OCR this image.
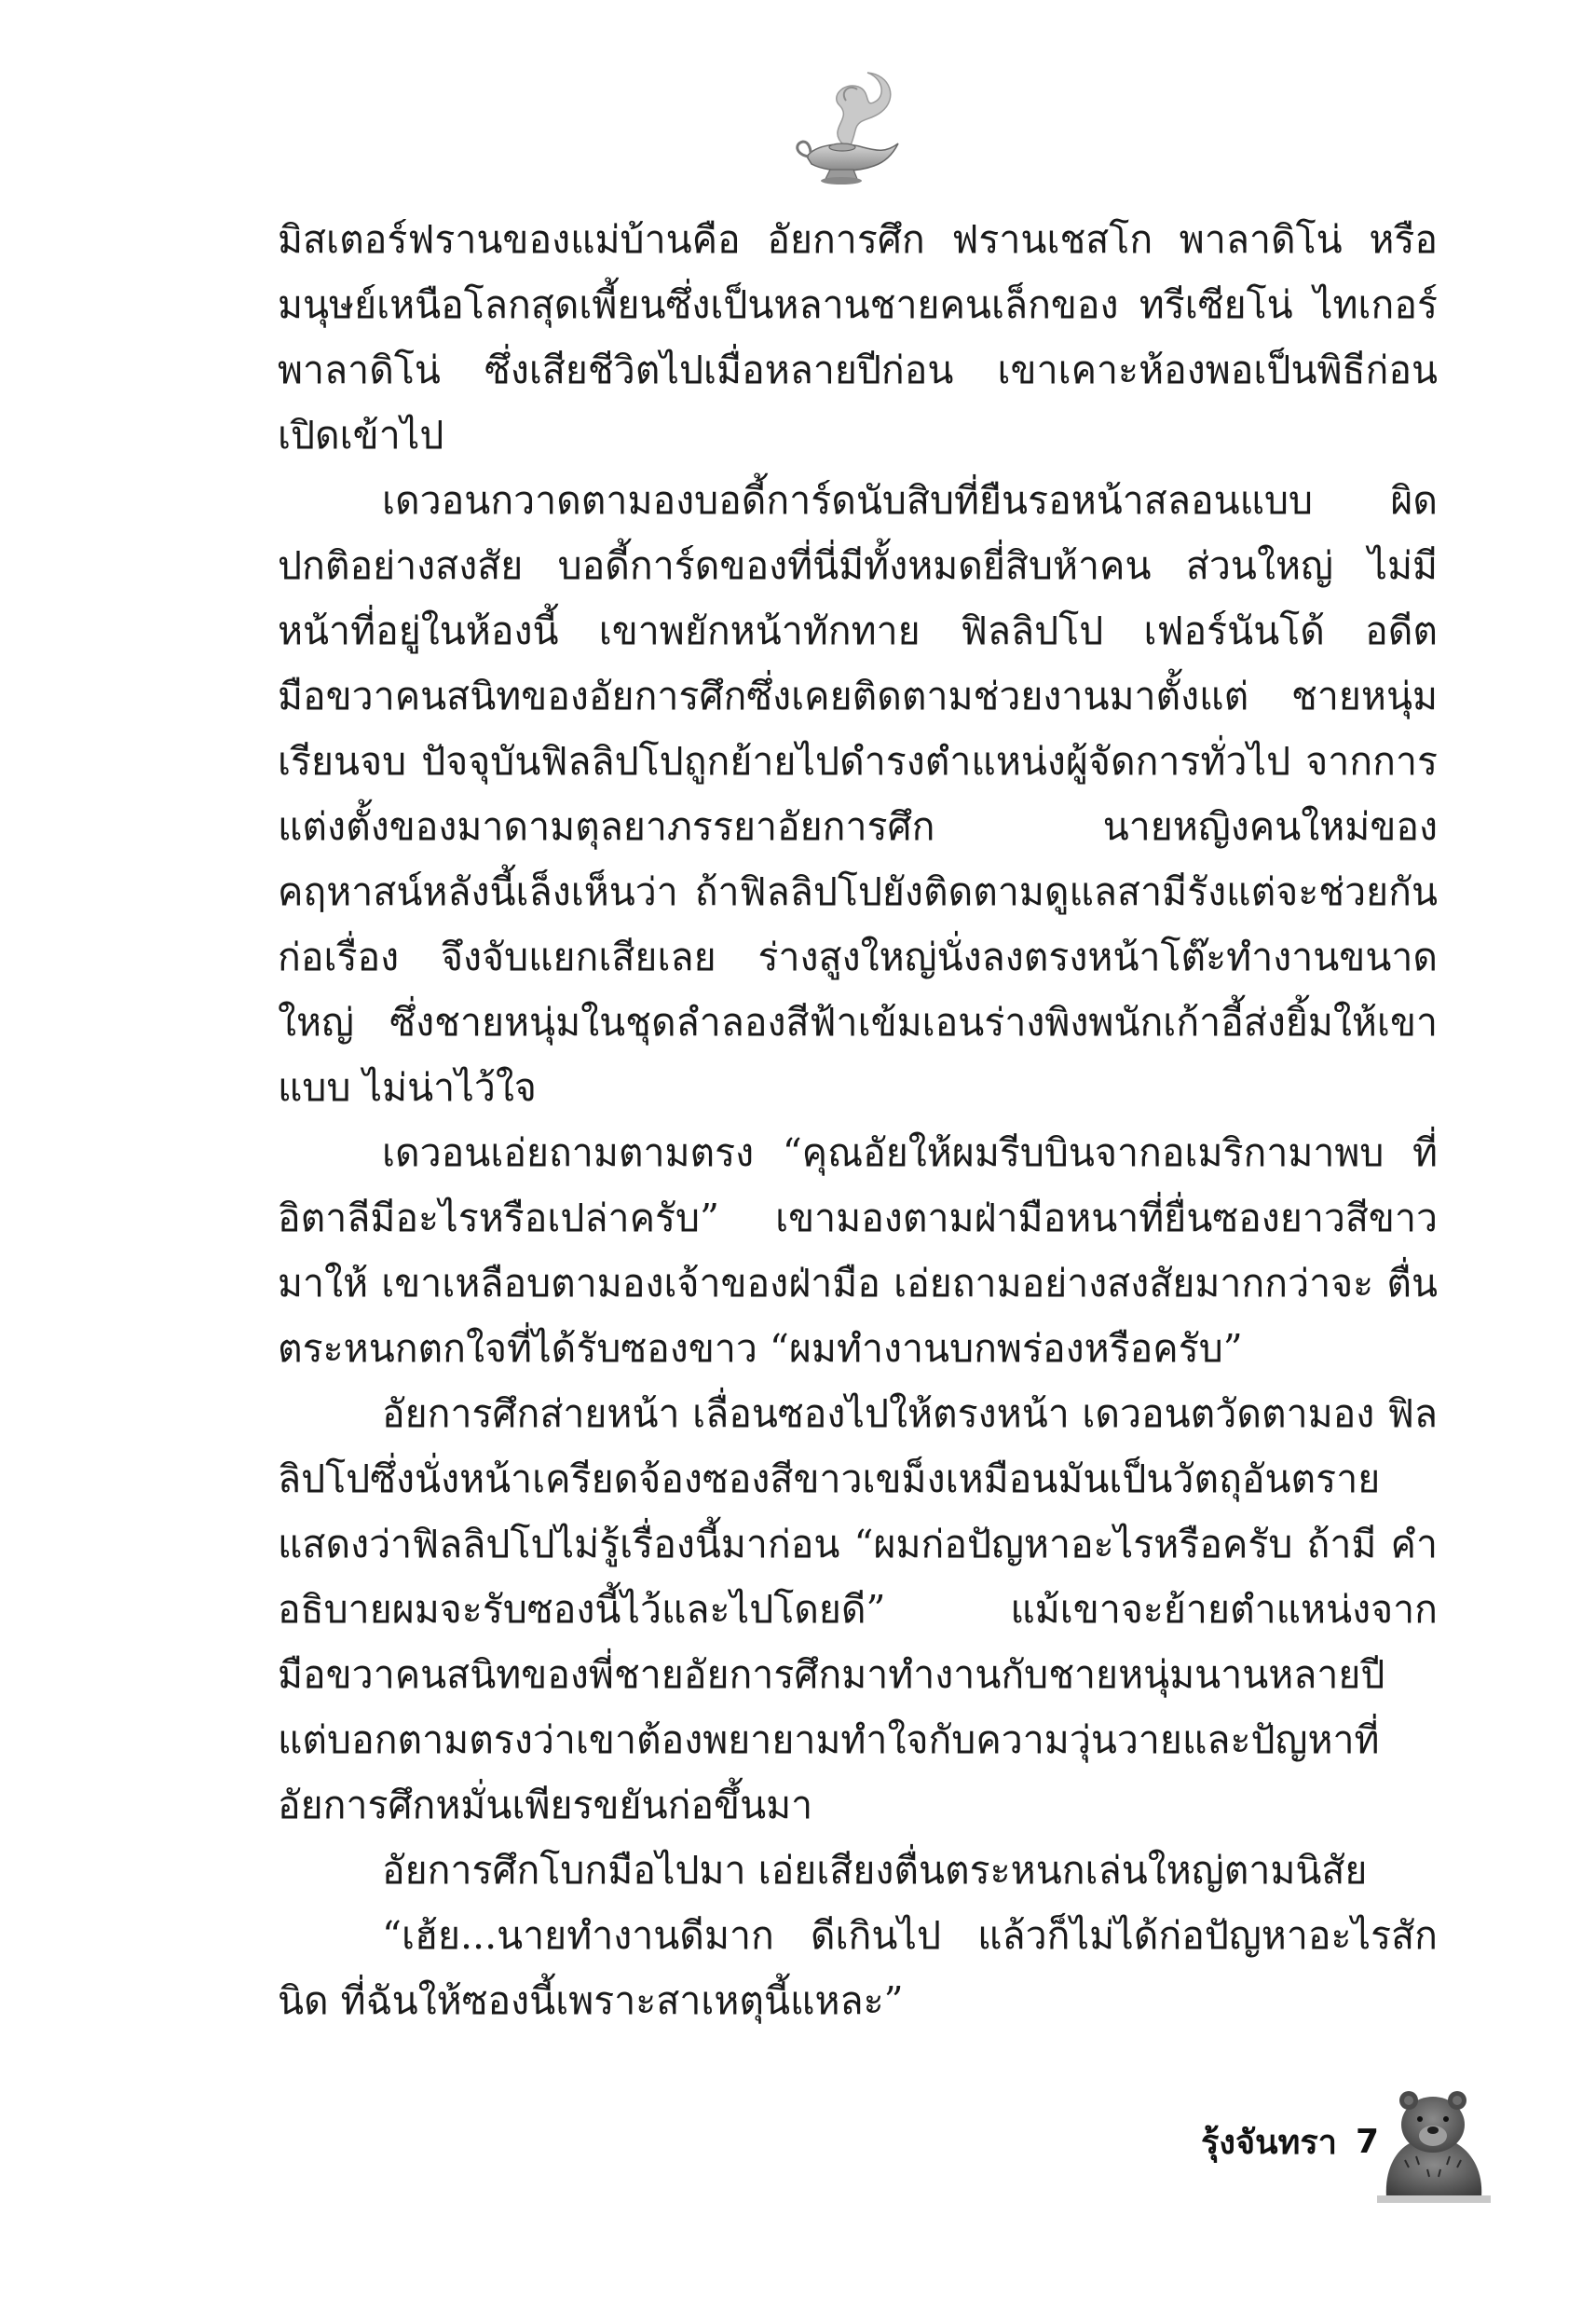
มิสเตอร์ฟรานของแม่บ้านคือ อัยการศึก ฟรานเชสโก พาลาดิโน่ หรือ มนุษย์เหนือโลกสุดเพี้ยนซึ่งเป็นหลานชายคนเล็กของ ทรีเซียโน่ ไทเกอร์ พาลาดิโน่ ซึ่งเสียชีวิตไปเมื่อหลายปีก่อน เขาเคาะห้องพอเป็นพิธีก่อน เปิดเข้าไป

เดวอนกวาดตามองบอดี้การ์ดนับสิบที่ยืนรอหน้าสลอนแบบ ผิดปกติอย่างสงสัย บอดี้การ์ดของที่นี่มีทั้งหมดยี่สิบห้าคน ส่วนใหญ่ ไม่มีหน้าที่อยู่ในห้องนี้ เขาพยักหน้าทักทาย ฟิลลิปโป เฟอร์นันโด้ อดีตมือขวาคนสนิทของอัยการศึกซึ่งเคยติดตามช่วยงานมาตั้งแต่ ชายหนุ่มเรียนจบ ปัจจุบันฟิลลิปโปถูกย้ายไปดำรงตำแหน่งผู้จัดการทั่วไป จากการแต่งตั้งของมาดามตุลยาภรรยาอัยการศึก นายหญิงคนใหม่ของ คฤหาสน์หลังนี้เล็งเห็นว่า ถ้าฟิลลิปโปยังติดตามดูแลสามีรังแต่จะช่วยกัน ก่อเรื่อง จึงจับแยกเสียเลย ร่างสูงใหญ่นั่งลงตรงหน้าโต๊ะทำงานขนาดใหญ่ ซึ่งชายหนุ่มในชุดลำลองสีฟ้าเข้มเอนร่างพิงพนักเก้าอี้ส่งยิ้มให้เขาแบบ ไม่น่าไว้ใจ

เดวอนเอ่ยถามตามตรง “คุณอัยให้ผมรีบบินจากอเมริกามาพบ ที่อิตาลีมีอะไรหรือเปล่าครับ” เขามองตามฝ่ามือหนาที่ยื่นซองยาวสีขาว มาให้ เขาเหลือบตามองเจ้าของฝ่ามือ เอ่ยถามอย่างสงสัยมากกว่าจะ ตื่นตระหนกตกใจที่ได้รับซองขาว “ผมทำงานบกพร่องหรือครับ”

อัยการศึกส่ายหน้า เลื่อนซองไปให้ตรงหน้า เดวอนตวัดตามอง ฟิลลิปโปซึ่งนั่งหน้าเครียดจ้องซองสีขาวเขม็งเหมือนมันเป็นวัตถุอันตราย แสดงว่าฟิลลิปโปไม่รู้เรื่องนี้มาก่อน “ผมก่อปัญหาอะไรหรือครับ ถ้ามี คำอธิบายผมจะรับซองนี้ไว้และไปโดยดี” แม้เขาจะย้ายตำแหน่งจาก มือขวาคนสนิทของพี่ชายอัยการศึกมาทำงานกับชายหนุ่มนานหลายปี แต่บอกตามตรงว่าเขาต้องพยายามทำใจกับความวุ่นวายและปัญหาที่ อัยการศึกหมั่นเพียรขยันก่อขึ้นมา

อัยการศึกโบกมือไปมา เอ่ยเสียงตื่นตระหนกเล่นใหญ่ตามนิสัย

“เฮ้ย...นายทำงานดีมาก ดีเกินไป แล้วก็ไม่ได้ก่อปัญหาอะไรสักนิด ที่ฉันให้ซองนี้เพราะสาเหตุนี้แหละ”

รุ้งจันทรา 7
